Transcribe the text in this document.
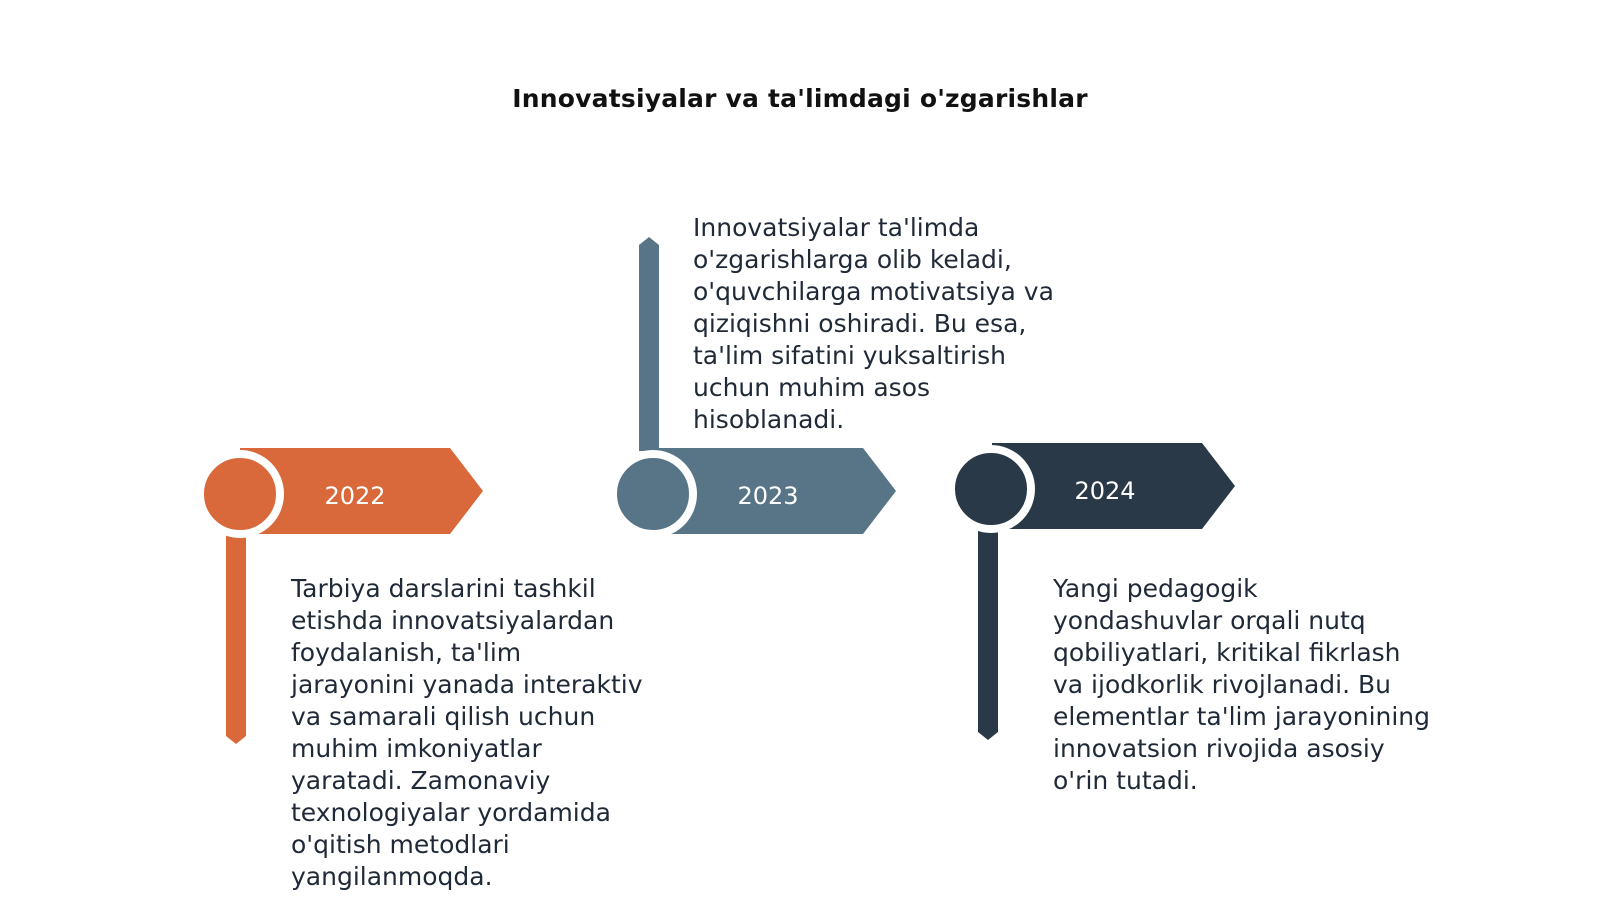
Innovatsiyalar va ta'limdagi o'zgarishlar
2022
Tarbiya darslarini tashkil etishda innovatsiyalardan foydalanish, ta'lim jarayonini yanada interaktiv va samarali qilish uchun muhim imkoniyatlar yaratadi. Zamonaviy texnologiyalar yordamida o'qitish metodlari yangilanmoqda.
2023
Innovatsiyalar ta'limda o'zgarishlarga olib keladi, o'quvchilarga motivatsiya va qiziqishni oshiradi. Bu esa, ta'lim sifatini yuksaltirish uchun muhim asos hisoblanadi.
2024
Yangi pedagogik yondashuvlar orqali nutq qobiliyatlari, kritikal fikrlash va ijodkorlik rivojlanadi. Bu elementlar ta'lim jarayonining innovatsion rivojida asosiy o'rin tutadi.
